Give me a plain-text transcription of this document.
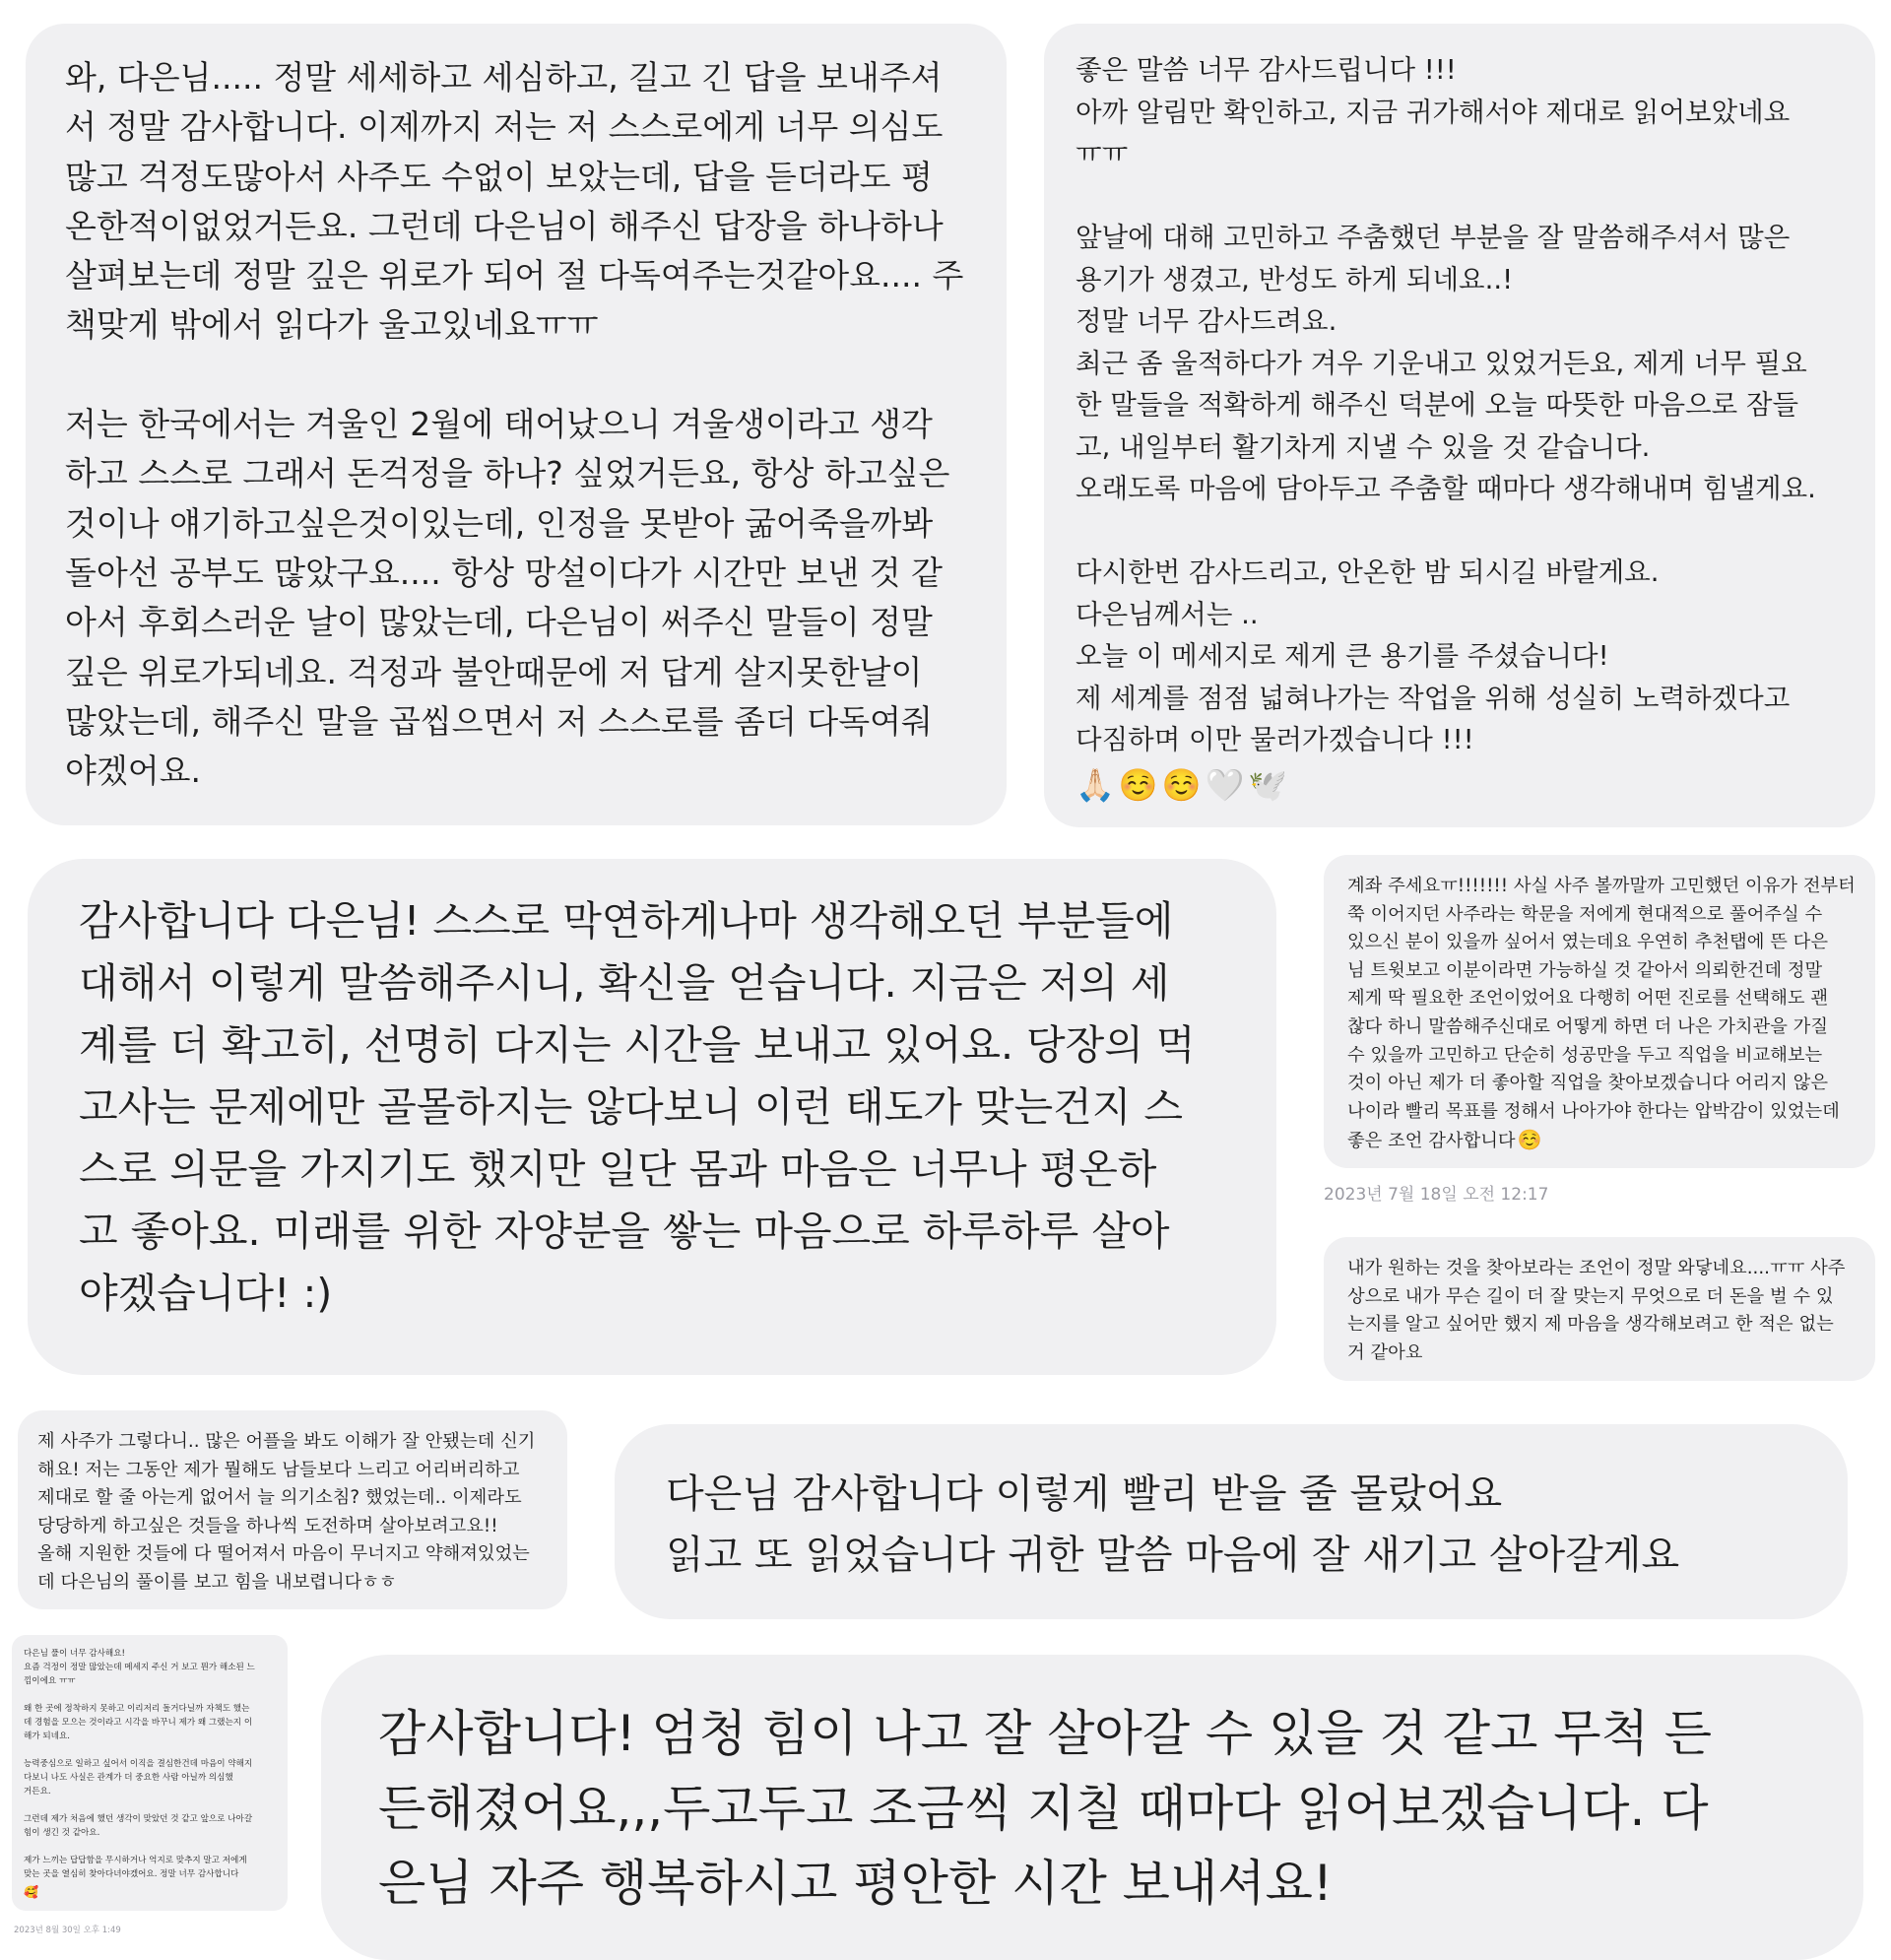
와, 다은님..... 정말 세세하고 세심하고, 길고 긴 답을 보내주셔
서 정말 감사합니다. 이제까지 저는 저 스스로에게 너무 의심도
많고 걱정도많아서 사주도 수없이 보았는데, 답을 듣더라도 평
온한적이없었거든요. 그런데 다은님이 해주신 답장을 하나하나
살펴보는데 정말 깊은 위로가 되어 절 다독여주는것같아요.... 주
책맞게 밖에서 읽다가 울고있네요ㅠㅠ

저는 한국에서는 겨울인 2월에 태어났으니 겨울생이라고 생각
하고 스스로 그래서 돈걱정을 하나? 싶었거든요, 항상 하고싶은
것이나 얘기하고싶은것이있는데, 인정을 못받아 굶어죽을까봐
돌아선 공부도 많았구요.... 항상 망설이다가 시간만 보낸 것 같
아서 후회스러운 날이 많았는데, 다은님이 써주신 말들이 정말
깊은 위로가되네요. 걱정과 불안때문에 저 답게 살지못한날이
많았는데, 해주신 말을 곱씹으면서 저 스스로를 좀더 다독여줘
야겠어요.

좋은 말씀 너무 감사드립니다 !!!
아까 알림만 확인하고, 지금 귀가해서야 제대로 읽어보았네요
ㅠㅠ

앞날에 대해 고민하고 주춤했던 부분을 잘 말씀해주셔서 많은
용기가 생겼고, 반성도 하게 되네요..!
정말 너무 감사드려요.
최근 좀 울적하다가 겨우 기운내고 있었거든요, 제게 너무 필요
한 말들을 적확하게 해주신 덕분에 오늘 따뜻한 마음으로 잠들
고, 내일부터 활기차게 지낼 수 있을 것 같습니다.
오래도록 마음에 담아두고 주춤할 때마다 생각해내며 힘낼게요.

다시한번 감사드리고, 안온한 밤 되시길 바랄게요.
다은님께서는 ..
오늘 이 메세지로 제게 큰 용기를 주셨습니다!
제 세계를 점점 넓혀나가는 작업을 위해 성실히 노력하겠다고
다짐하며 이만 물러가겠습니다 !!!

🙏🏻 ☺️ ☺️ 🤍 🕊️

감사합니다 다은님! 스스로 막연하게나마 생각해오던 부분들에
대해서 이렇게 말씀해주시니, 확신을 얻습니다. 지금은 저의 세
계를 더 확고히, 선명히 다지는 시간을 보내고 있어요. 당장의 먹
고사는 문제에만 골몰하지는 않다보니 이런 태도가 맞는건지 스
스로 의문을 가지기도 했지만 일단 몸과 마음은 너무나 평온하
고 좋아요. 미래를 위한 자양분을 쌓는 마음으로 하루하루 살아
야겠습니다! :)

계좌 주세요ㅠ!!!!!!! 사실 사주 볼까말까 고민했던 이유가 전부터
쭉 이어지던 사주라는 학문을 저에게 현대적으로 풀어주실 수
있으신 분이 있을까 싶어서 였는데요 우연히 추천탭에 뜬 다은
님 트윗보고 이분이라면 가능하실 것 같아서 의뢰한건데 정말
제게 딱 필요한 조언이었어요 다행히 어떤 진로를 선택해도 괜
찮다 하니 말씀해주신대로 어떻게 하면 더 나은 가치관을 가질
수 있을까 고민하고 단순히 성공만을 두고 직업을 비교해보는
것이 아닌 제가 더 좋아할 직업을 찾아보겠습니다 어리지 않은
나이라 빨리 목표를 정해서 나아가야 한다는 압박감이 있었는데
좋은 조언 감사합니다 ☺️

2023년 7월 18일 오전 12:17

내가 원하는 것을 찾아보라는 조언이 정말 와닿네요....ㅠㅠ 사주
상으로 내가 무슨 길이 더 잘 맞는지 무엇으로 더 돈을 벌 수 있
는지를 알고 싶어만 했지 제 마음을 생각해보려고 한 적은 없는
거 같아요

제 사주가 그렇다니.. 많은 어플을 봐도 이해가 잘 안됐는데 신기
해요! 저는 그동안 제가 뭘해도 남들보다 느리고 어리버리하고
제대로 할 줄 아는게 없어서 늘 의기소침? 했었는데.. 이제라도
당당하게 하고싶은 것들을 하나씩 도전하며 살아보려고요!!
올해 지원한 것들에 다 떨어져서 마음이 무너지고 약해져있었는
데 다은님의 풀이를 보고 힘을 내보렵니다ㅎㅎ

다은님 감사합니다 이렇게 빨리 받을 줄 몰랐어요
읽고 또 읽었습니다 귀한 말씀 마음에 잘 새기고 살아갈게요

다은님 풀이 너무 감사해요!
요즘 걱정이 정말 많았는데 메세지 주신 거 보고 뭔가 해소된 느
낌이에요 ㅠㅠ

왜 한 곳에 정착하지 못하고 이리저리 돌거다닐까 자책도 했는
데 경험을 모으는 것이라고 시각을 바꾸니 제가 왜 그랬는지 이
해가 되네요.

능력중심으로 일하고 싶어서 이직을 결심한건데 마음이 약해지
다보니 나도 사실은 관계가 더 중요한 사람 아닐까 의심했
거든요.

그런데 제가 처음에 했던 생각이 맞았던 것 같고 앞으로 나아갈
힘이 생긴 것 같아요.

제가 느끼는 답답함을 무시하거나 억지로 맞추지 말고 저에게
맞는 곳을 열심히 찾아다녀야겠어요. 정말 너무 감사합니다

🥰

2023년 8월 30일 오후 1:49

감사합니다! 엄청 힘이 나고 잘 살아갈 수 있을 것 같고 무척 든
든해졌어요,,,두고두고 조금씩 지칠 때마다 읽어보겠습니다. 다
은님 자주 행복하시고 평안한 시간 보내셔요!
